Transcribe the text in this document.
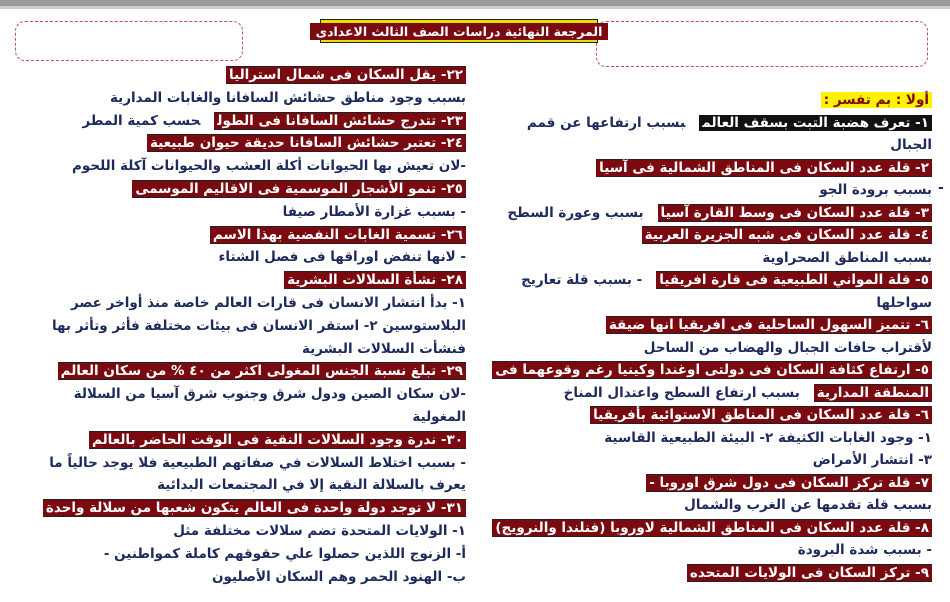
المرجعة النهائية دراسات الصف الثالث الاعدادى
-
٢٢- يقل السكان فى شمال استراليا
بسبب وجود مناطق حشائش السافانا والغابات المدارية
٢٣- تتدرج حشائش السافانا فى الطولحسب كمية المطر
٢٤- تعتبر حشائش السافانا حديقة حيوان طبيعية
-لان تعيش بها الحيوانات أكلة العشب والحيوانات آكلة اللحوم
٢٥- تنمو الأشجار الموسمية فى الاقاليم الموسمى
- بسبب غزارة الأمطار صيفا
٢٦- تسمية الغابات النفضية بهذا الاسم
- لانها تنفض اوراقها فى فصل الشتاء
٢٨- نشأة السلالات البشرية
١- بدأ انتشار الانسان فى قارات العالم خاصة منذ أواخر عصر
البلاستوسين ٢- استقر الانسان فى بيئات مختلفة فأثر وتأثر بها
فنشأت السلالات البشرية
٢٩- تبلغ نسبة الجنس المغولى اكثر من ٤٠ % من سكان العالم
-لان سكان الصين ودول شرق وجنوب شرق آسيا من السلالة
المغولية
٣٠- ندرة وجود السلالات النقية فى الوقت الحاضر بالعالم
- بسبب اختلاط السلالات في صفاتهم الطبيعية فلا يوجد حالياً ما
يعرف بالسلالة النقية إلا في المجتمعات البدائية
٣١- لا توجد دولة واحدة فى العالم يتكون شعبها من سلالة واحدة
١- الولايات المتحدة تضم سلالات مختلفة مثل
أ- الزنوج اللذين حصلوا علي حقوقهم كاملة كمواطنين -
ب- الهنود الحمر وهم السكان الأصليون
أولا : بم تفسر :
١- تعرف هضبة التبت بسقف العالمبسبب ارتفاعها عن قمم
الجبال
٢- قلة عدد السكان فى المناطق الشمالية فى آسيا
بسبب برودة الجو
٣- قلة عدد السكان فى وسط القارة آسيابسبب وعورة السطح
٤- قلة عدد السكان فى شبه الجزيرة العربية
بسبب المناطق الصحراوية
٥- قلة المواني الطبيعية فى قارة افريقيا- بسبب قلة تعاريج
سواحلها
٦- تتميز السهول الساحلية فى افريقيا انها ضيقة
لأقتراب حافات الجبال والهضاب من الساحل
٥- ارتفاع كثافة السكان فى دولتى اوغندا وكينيا رغم وقوعهما فى
المنطقة المداريةبسبب ارتفاع السطح واعتدال المناخ
٦- قلة عدد السكان فى المناطق الاستوائية بأفريقيا
١- وجود الغابات الكثيفة ٢- البيئة الطبيعية القاسية
٣- انتشار الأمراض
٧- قلة تركز السكان فى دول شرق اوروبا -
بسبب قلة تقدمها عن الغرب والشمال
٨- قلة عدد السكان فى المناطق الشمالية لاوروبا (فنلندا والنرويج)
- بسبب شدة البرودة
٩- تركز السكان فى الولايات المتحده
